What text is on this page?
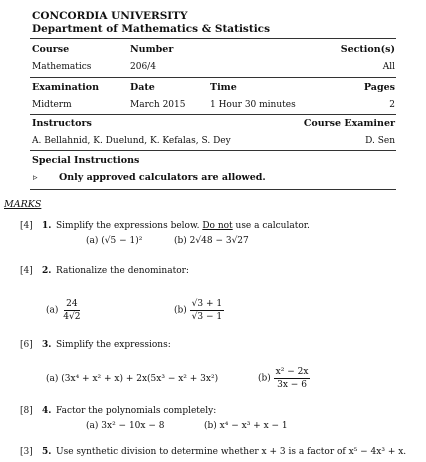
CONCORDIA UNIVERSITY
Department of Mathematics & Statistics
Course	Number	Section(s)
Mathematics	206/4	All
Examination	Date	Time	Pages
Midterm	March 2015	1 Hour 30 minutes	2
Instructors	Course Examiner
A. Bellahnid, K. Duelund, K. Kefalas, S. Dey	D. Sen
Special Instructions
▹ Only approved calculators are allowed.
MARKS
[4] 1. Simplify the expressions below. Do not use a calculator.
(a) (√5 − 1)²	(b) 2√48 − 3√27
[4] 2. Rationalize the denominator:
$(a) \frac{24}{4√2}$	$(b) \frac{√3 + 1}{√3 - 1}$
[6] 3. Simplify the expressions:
(a) (3x⁴ + x² + x) + 2x(5x³ − x² + 3x²)	$(b) \frac{\text{x² − 2x}}{3x - 6}$
[8] 4. Factor the polynomials completely:
(a) 3x² − 10x − 8	(b) x⁴ − x³ + x − 1
[3] 5. Use synthetic division to determine whether x + 3 is a factor of x⁵ − 4x³ + x.
